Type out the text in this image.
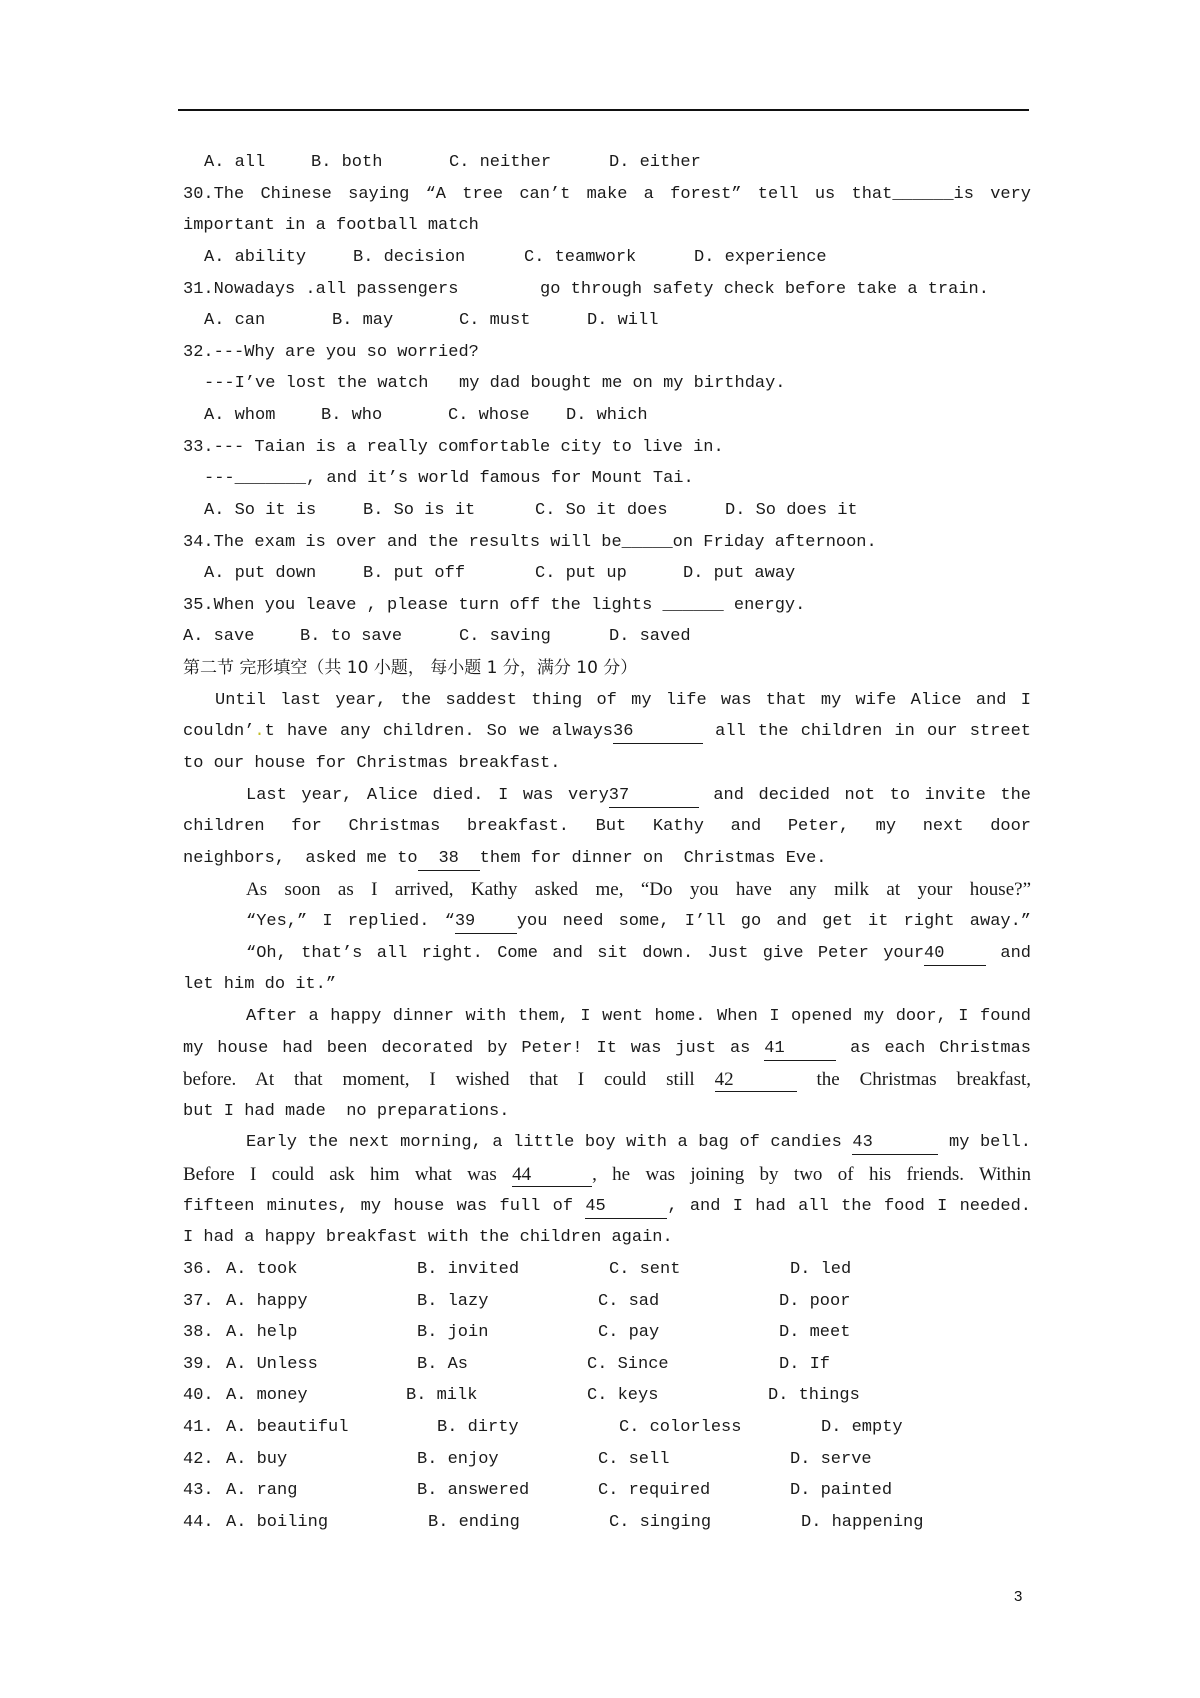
A. all

	B. both

	C. neither

	D. either

30.The Chinese saying “A tree can’t make a forest” tell us that______is very
important in a football match

A. ability

	B. decision

	C. teamwork

	D. experience

31.Nowadays .all passengers        go through safety check before take a train.

A. can

	B. may

	C. must

	D. will

32.---Why are you so worried?
---I’ve lost the watch   my dad bought me on my birthday.

A. whom

	B. who

	C. whose

D. which

33.--- Taian is a really comfortable city to live in.
---_______, and it’s world famous for Mount Tai.

A. So it is

	B. So is it

	C. So it does

	D. So does it

34.The exam is over and the results will be_____on Friday afternoon.

A. put down

	B. put off

	C. put up

	D. put away

35.When you leave , please turn off the lights ______ energy.

A. save

	B. to save

	C. saving

	D. saved

第二节 完形填空（共 10 小题， 每小题 1 分，满分 10 分）
Until last year, the saddest thing of my life was that my wife Alice and I
couldn’.t have any children. So we always36	all the children in our street
to our house for Christmas breakfast.
Last year, Alice died. I was very37	and decided not to invite the
children for Christmas breakfast. But Kathy and Peter, my next door
neighbors,  asked me to 38 them for dinner on  Christmas Eve.
As soon as I arrived, Kathy asked me, “Do you have any milk at your house?”
“Yes,” I replied. “39 you need some, I’ll go and get it right away.”
“Oh, that’s all right. Come and sit down. Just give Peter your40 and
let him do it.”
After a happy dinner with them, I went home. When I opened my door, I found
my house had been decorated by Peter! It was just as 41	as each Christmas
before. At that moment, I wished that I could still 42	the Christmas breakfast,
but I had made  no preparations.
Early the next morning, a little boy with a bag of candies 43	my bell.
Before I could ask him what was 44	, he was joining by two of his friends. Within
fifteen minutes, my house was full of 45	, and I had all the food I needed.
I had a happy breakfast with the children again.

36.

A. took

	B. invited

	C. sent

	D. led

37.

A. happy

	B. lazy

	C. sad

	D. poor

38.

A. help

	B. join

	C. pay

	D. meet

39.

A. Unless

	B. As

	C. Since

	D. If

40.

A. money

	B. milk

	C. keys

	D. things

41.

A. beautiful

	B. dirty

	C. colorless

	D. empty

42.

A. buy

	B. enjoy

	C. sell

	D. serve

43.

A. rang

	B. answered

	C. required

	D. painted

44.

A. boiling

	B. ending

	C. singing

	D. happening

3
